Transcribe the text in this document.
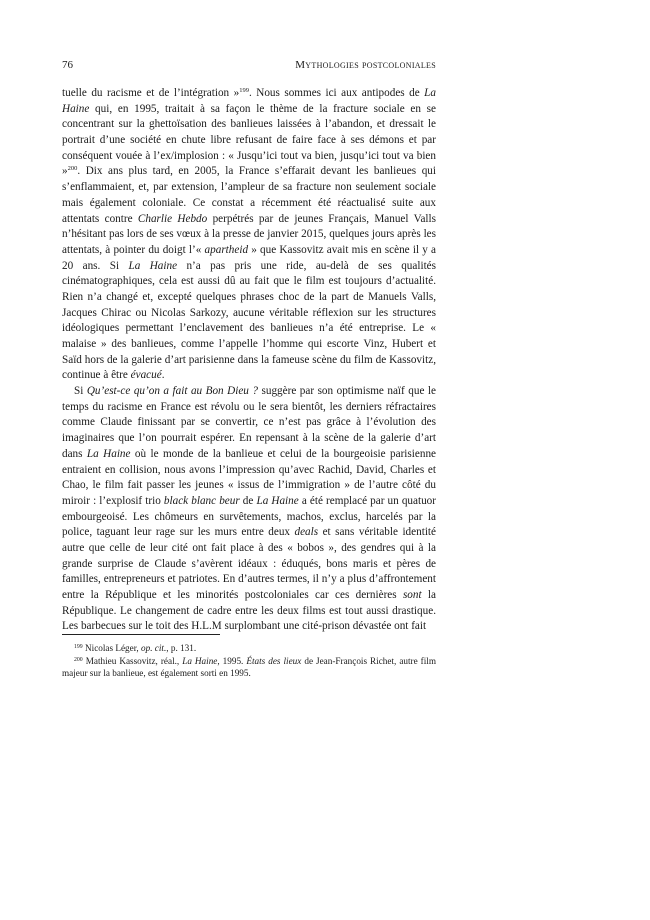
76	Mythologies postcoloniales

tuelle du racisme et de l’intégration »$^{199}$. Nous sommes ici aux antipodes de La Haine qui, en 1995, traitait à sa façon le thème de la fracture sociale en se concentrant sur la ghettoïsation des banlieues laissées à l’abandon, et dressait le portrait d’une société en chute libre refusant de faire face à ses démons et par conséquent vouée à l’ex/implosion : « Jusqu’ici tout va bien, jusqu’ici tout va bien »$^{200}$. Dix ans plus tard, en 2005, la France s’effarait devant les banlieues qui s’enflammaient, et, par extension, l’ampleur de sa fracture non seulement sociale mais également coloniale. Ce constat a récemment été réactualisé suite aux attentats contre Charlie Hebdo perpétrés par de jeunes Français, Manuel Valls n’hésitant pas lors de ses vœux à la presse de janvier 2015, quelques jours après les attentats, à pointer du doigt l’« apartheid » que Kassovitz avait mis en scène il y a 20 ans. Si La Haine n’a pas pris une ride, au-delà de ses qualités cinématographiques, cela est aussi dû au fait que le film est toujours d’actualité. Rien n’a changé et, excepté quelques phrases choc de la part de Manuels Valls, Jacques Chirac ou Nicolas Sarkozy, aucune véritable réflexion sur les structures idéologiques permettant l’enclavement des banlieues n’a été entreprise. Le « malaise » des banlieues, comme l’appelle l’homme qui escorte Vinz, Hubert et Saïd hors de la galerie d’art parisienne dans la fameuse scène du film de Kassovitz, continue à être évacué.

Si Qu’est-ce qu’on a fait au Bon Dieu ? suggère par son optimisme naïf que le temps du racisme en France est révolu ou le sera bientôt, les derniers réfractaires comme Claude finissant par se convertir, ce n’est pas grâce à l’évolution des imaginaires que l’on pourrait espérer. En repensant à la scène de la galerie d’art dans La Haine où le monde de la banlieue et celui de la bourgeoisie parisienne entraient en collision, nous avons l’impression qu’avec Rachid, David, Charles et Chao, le film fait passer les jeunes « issus de l’immigration » de l’autre côté du miroir : l’explosif trio black blanc beur de La Haine a été remplacé par un quatuor embourgeoisé. Les chômeurs en survêtements, machos, exclus, harcelés par la police, taguant leur rage sur les murs entre deux deals et sans véritable identité autre que celle de leur cité ont fait place à des « bobos », des gendres qui à la grande surprise de Claude s’avèrent idéaux : éduqués, bons maris et pères de familles, entrepreneurs et patriotes. En d’autres termes, il n’y a plus d’affrontement entre la République et les minorités postcoloniales car ces dernières sont la République. Le changement de cadre entre les deux films est tout aussi drastique. Les barbecues sur le toit des H.L.M surplombant une cité-prison dévastée ont fait

$^{199}$ Nicolas Léger, op. cit., p. 131.

$^{200}$ Mathieu Kassovitz, réal., La Haine, 1995. États des lieux de Jean-François Richet, autre film majeur sur la banlieue, est également sorti en 1995.
